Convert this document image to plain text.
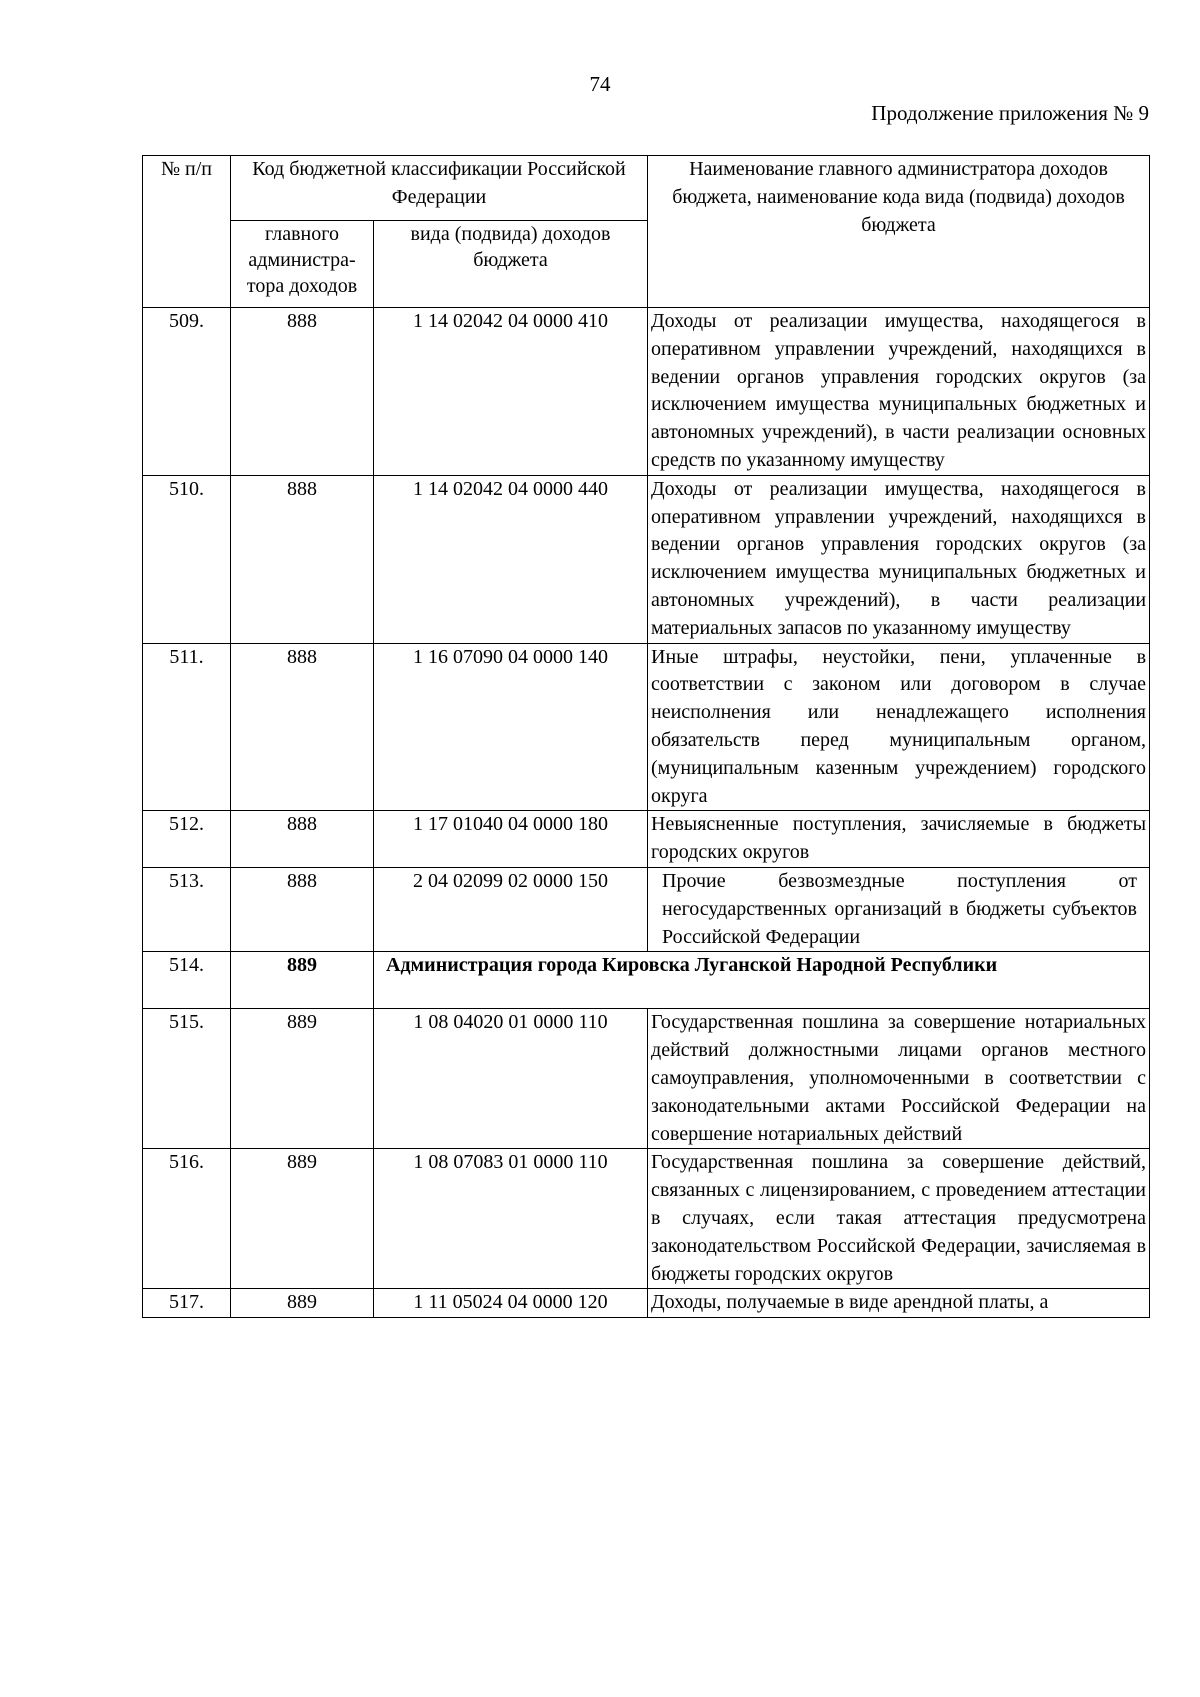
74
Продолжение приложения № 9
№ п/п	Код бюджетной классификации Российской Федерации		Наименование главного администратора доходов бюджета, наименование кода вида (подвида) доходов бюджета
	главного администра-тора доходов	вида (подвида) доходов бюджета	
509.	888	1 14 02042 04 0000 410	Доходы от реализации имущества, находящегося в оперативном управлении учреждений, находящихся в ведении органов управления городских округов (за исключением имущества муниципальных бюджетных и автономных учреждений), в части реализации основных средств по указанному имуществу
510.	888	1 14 02042 04 0000 440	Доходы от реализации имущества, находящегося в оперативном управлении учреждений, находящихся в ведении органов управления городских округов (за исключением имущества муниципальных бюджетных и автономных учреждений), в части реализации материальных запасов по указанному имуществу
511.	888	1 16 07090 04 0000 140	Иные штрафы, неустойки, пени, уплаченные в соответствии с законом или договором в случае неисполнения или ненадлежащего исполнения обязательств перед муниципальным органом, (муниципальным казенным учреждением) городского округа
512.	888	1 17 01040 04 0000 180	Невыясненные поступления, зачисляемые в бюджеты городских округов
513.	888	2 04 02099 02 0000 150	Прочие безвозмездные поступления от негосударственных организаций в бюджеты субъектов Российской Федерации
514.	889	Администрация города Кировска Луганской Народной Республики	
515.	889	1 08 04020 01 0000 110	Государственная пошлина за совершение нотариальных действий должностными лицами органов местного самоуправления, уполномоченными в соответствии с законодательными актами Российской Федерации на совершение нотариальных действий
516.	889	1 08 07083 01 0000 110	Государственная пошлина за совершение действий, связанных с лицензированием, с проведением аттестации в случаях, если такая аттестация предусмотрена законодательством Российской Федерации, зачисляемая в бюджеты городских округов
517.	889	1 11 05024 04 0000 120	Доходы, получаемые в виде арендной платы, а
